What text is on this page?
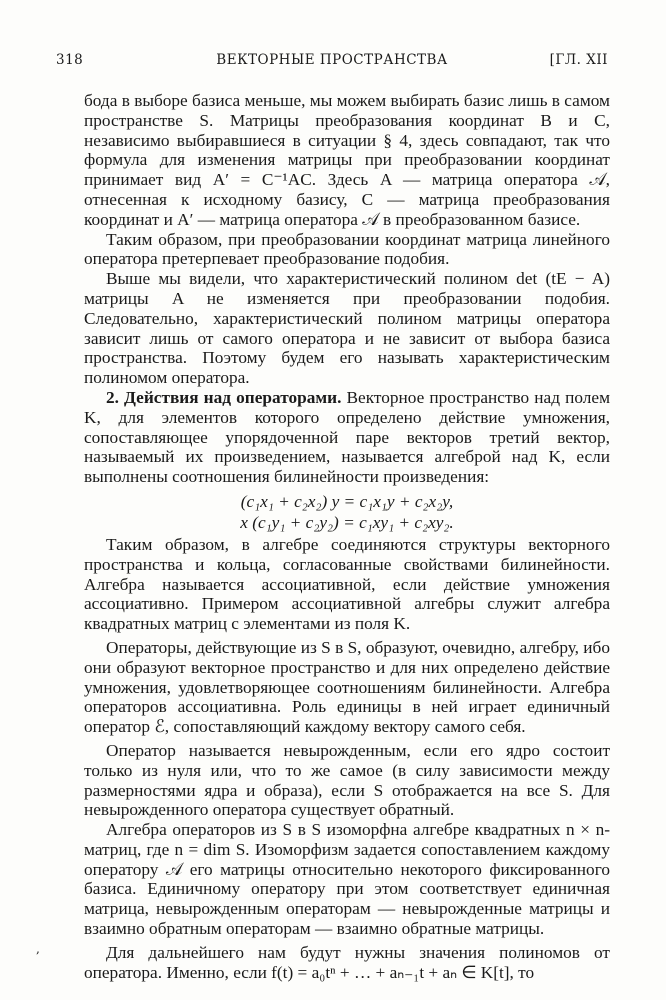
318	ВЕКТОРНЫЕ ПРОСТРАНСТВА	[ГЛ. XII

бода в выборе базиса меньше, мы можем выбирать базис лишь в самом пространстве S. Матрицы преобразования координат B и C, независимо выбиравшиеся в ситуации § 4, здесь совпадают, так что формула для изменения матрицы при преобразовании координат принимает вид A′ = C⁻¹AC. Здесь A — матрица оператора 𝒜, отнесенная к исходному базису, C — матрица преобразования координат и A′ — матрица оператора 𝒜 в преобразованном базисе.

Таким образом, при преобразовании координат матрица линейного оператора претерпевает преобразование подобия.

Выше мы видели, что характеристический полином det (tE − A) матрицы A не изменяется при преобразовании подобия. Следовательно, характеристический полином матрицы оператора зависит лишь от самого оператора и не зависит от выбора базиса пространства. Поэтому будем его называть характеристическим полиномом оператора.

2. Действия над операторами. Векторное пространство над полем K, для элементов которого определено действие умножения, сопоставляющее упорядоченной паре векторов третий вектор, называемый их произведением, называется алгеброй над K, если выполнены соотношения билинейности произведения:

(c₁x₁ + c₂x₂) y = c₁x₁y + c₂x₂y,
x (c₁y₁ + c₂y₂) = c₁xy₁ + c₂xy₂.

Таким образом, в алгебре соединяются структуры векторного пространства и кольца, согласованные свойствами билинейности. Алгебра называется ассоциативной, если действие умножения ассоциативно. Примером ассоциативной алгебры служит алгебра квадратных матриц с элементами из поля K.

Операторы, действующие из S в S, образуют, очевидно, алгебру, ибо они образуют векторное пространство и для них определено действие умножения, удовлетворяющее соотношениям билинейности. Алгебра операторов ассоциативна. Роль единицы в ней играет единичный оператор ℰ, сопоставляющий каждому вектору самого себя.

Оператор называется невырожденным, если его ядро состоит только из нуля или, что то же самое (в силу зависимости между размерностями ядра и образа), если S отображается на все S. Для невырожденного оператора существует обратный.

Алгебра операторов из S в S изоморфна алгебре квадратных n × n-матриц, где n = dim S. Изоморфизм задается сопоставлением каждому оператору 𝒜 его матрицы относительно некоторого фиксированного базиса. Единичному оператору при этом соответствует единичная матрица, невырожденным операторам — невырожденные матрицы и взаимно обратным операторам — взаимно обратные матрицы.

Для дальнейшего нам будут нужны значения полиномов от оператора. Именно, если f(t) = a₀tⁿ + … + aₙ₋₁t + aₙ ∈ K[t], то

,
